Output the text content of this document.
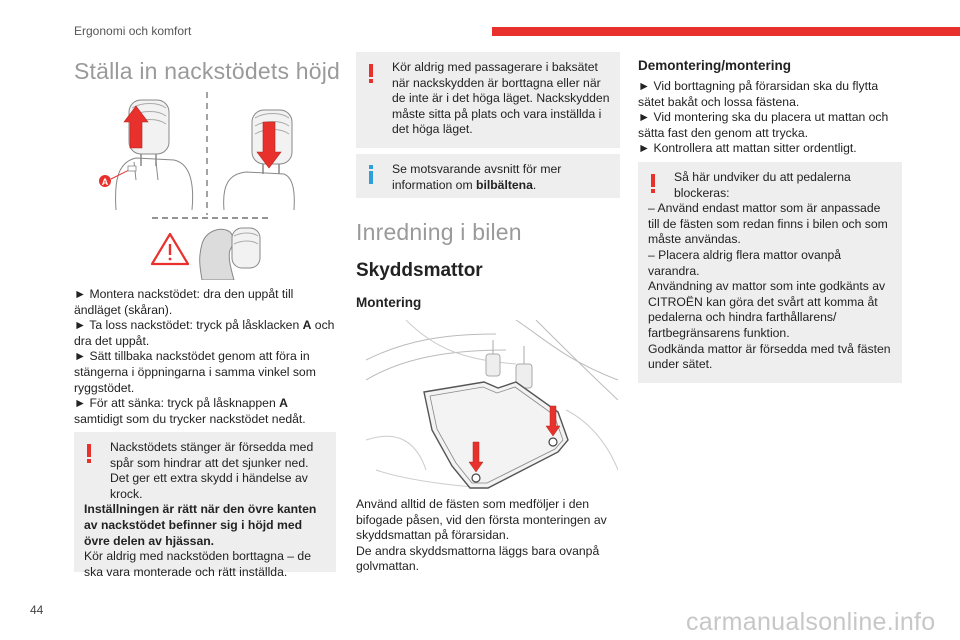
Ergonomi och komfort
Ställa in nackstödets höjd
A

► Montera nackstödet: dra den uppåt till ändläget (skåran).

► Ta loss nackstödet: tryck på låsklacken A och dra det uppåt.

► Sätt tillbaka nackstödet genom att föra in stängerna i öppningarna i samma vinkel som ryggstödet.

► För att sänka: tryck på låsknappen A
samtidigt som du trycker nackstödet nedåt.

Nackstödets stänger är försedda med spår som hindrar att det sjunker ned. Det ger ett extra skydd i händelse av krock.

Inställningen är rätt när den övre kanten av nackstödet befinner sig i höjd med övre delen av hjässan.

Kör aldrig med nackstöden borttagna – de ska vara monterade och rätt inställda.

Kör aldrig med passagerare i baksätet när nackskydden är borttagna eller när de inte är i det höga läget. Nackskydden måste sitta på plats och vara inställda i det höga läget.

Se motsvarande avsnitt för mer information om bilbältena.

Inredning i bilen
Skyddsmattor
Montering

Använd alltid de fästen som medföljer i den bifogade påsen, vid den första monteringen av skyddsmattan på förarsidan.

De andra skyddsmattorna läggs bara ovanpå golvmattan.

Demontering/montering

► Vid borttagning på förarsidan ska du flytta sätet bakåt och lossa fästena.

► Vid montering ska du placera ut mattan och sätta fast den genom att trycka.

► Kontrollera att mattan sitter ordentligt.

Så här undviker du att pedalerna blockeras:

– Använd endast mattor som är anpassade till de fästen som redan finns i bilen och som måste användas.

– Placera aldrig flera mattor ovanpå varandra.

Användning av mattor som inte godkänts av CITROËN kan göra det svårt att komma åt pedalerna och hindra farthållarens/ fartbegränsarens funktion.

Godkända mattor är försedda med två fästen under sätet.

44	carmanualsonline.info
